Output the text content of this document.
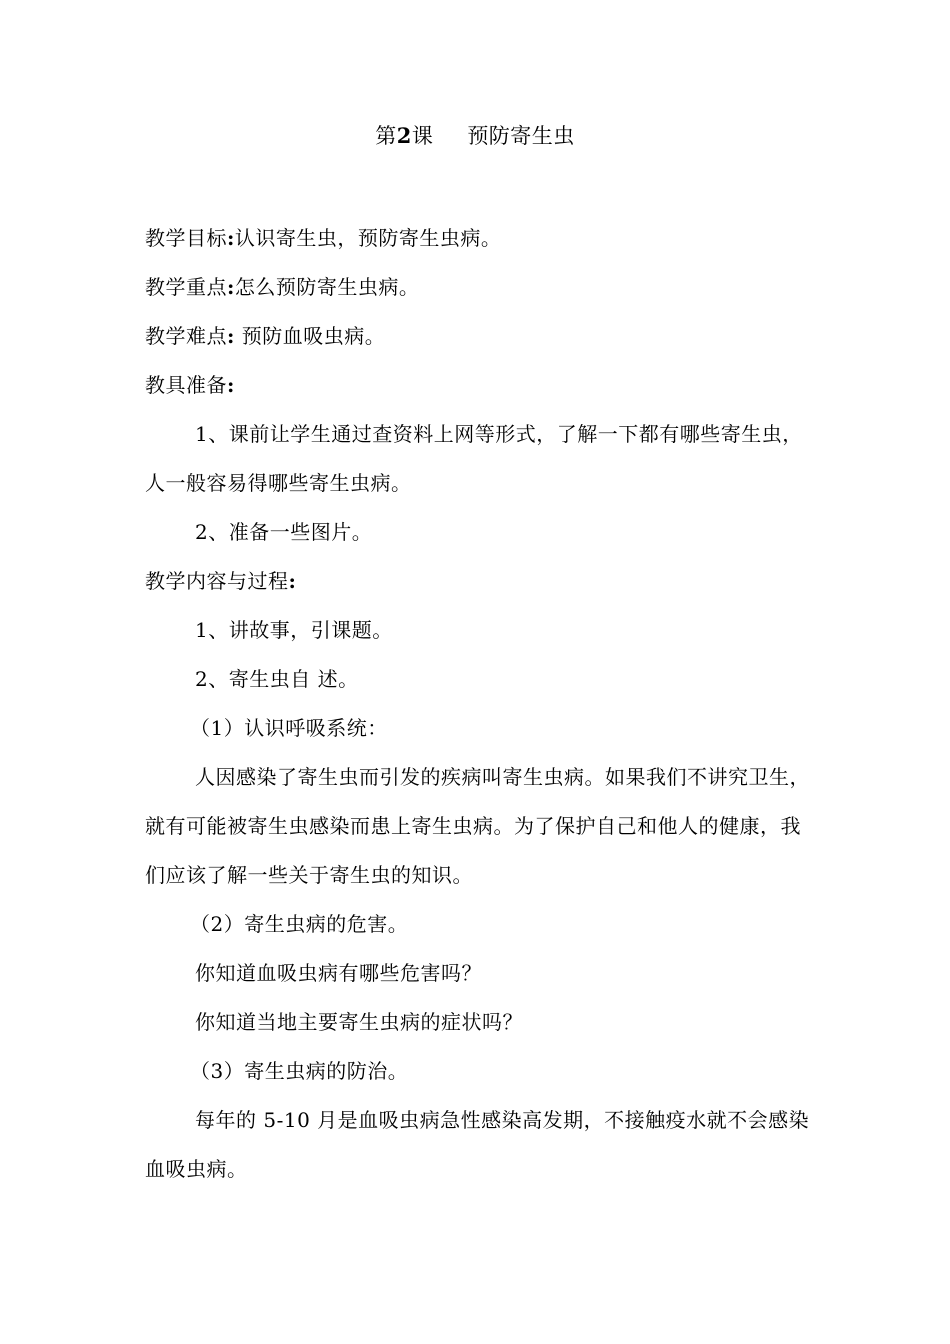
第2课 预防寄生虫

教学目标:认识寄生虫，预防寄生虫病。

教学重点:怎么预防寄生虫病。

教学难点: 预防血吸虫病。

教具准备:

1、课前让学生通过查资料上网等形式，了解一下都有哪些寄生虫，人一般容易得哪些寄生虫病。

2、准备一些图片。

教学内容与过程:

1、讲故事，引课题。

2、寄生虫自 述。

（1）认识呼吸系统：

人因感染了寄生虫而引发的疾病叫寄生虫病。如果我们不讲究卫生，就有可能被寄生虫感染而患上寄生虫病。为了保护自己和他人的健康，我们应该了解一些关于寄生虫的知识。

（2）寄生虫病的危害。

你知道血吸虫病有哪些危害吗？

你知道当地主要寄生虫病的症状吗？

（3）寄生虫病的防治。

每年的 5-10 月是血吸虫病急性感染高发期，不接触疫水就不会感染血吸虫病。
